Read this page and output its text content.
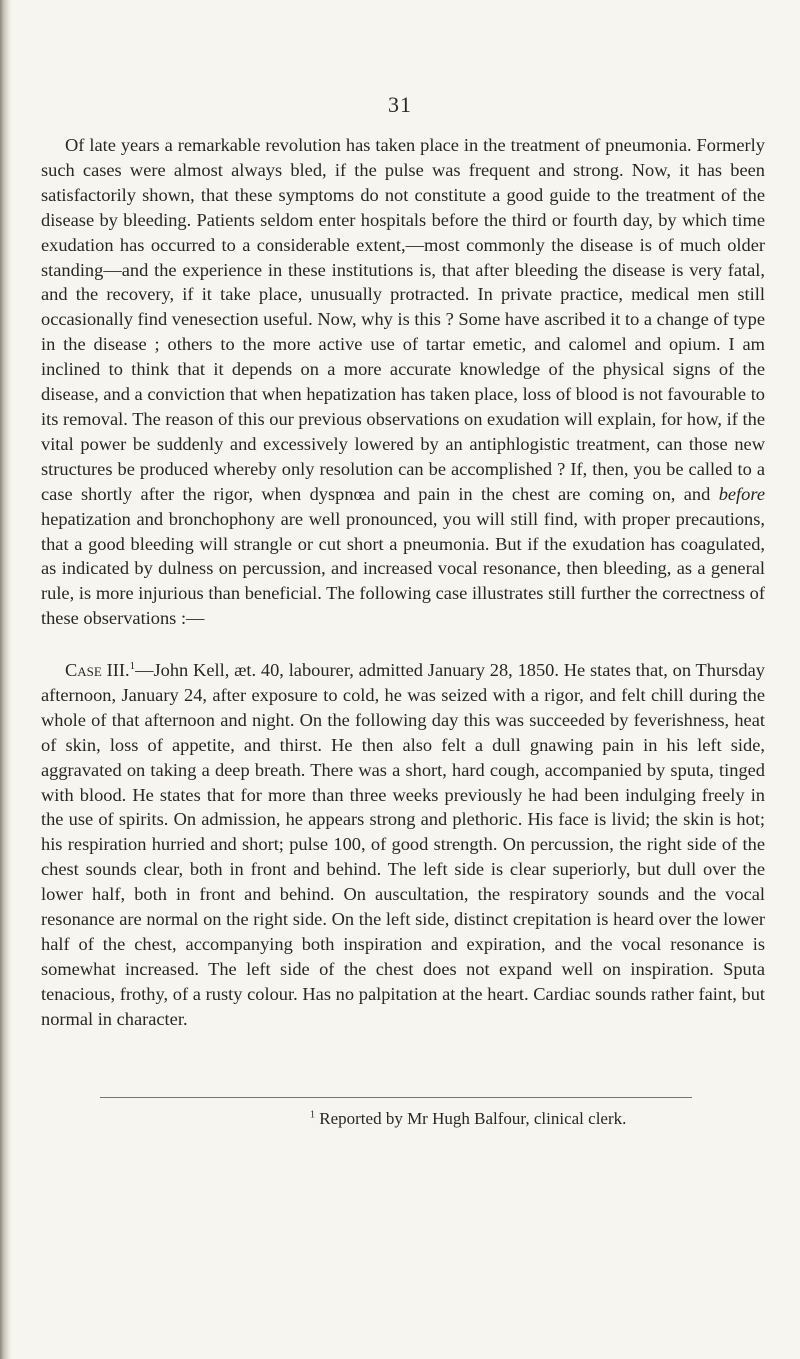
31

Of late years a remarkable revolution has taken place in the treatment of pneumonia. Formerly such cases were almost always bled, if the pulse was frequent and strong. Now, it has been satisfactorily shown, that these symptoms do not constitute a good guide to the treatment of the disease by bleeding. Patients seldom enter hospitals before the third or fourth day, by which time exudation has occurred to a considerable extent,—most commonly the disease is of much older standing—and the experience in these institutions is, that after bleeding the disease is very fatal, and the recovery, if it take place, unusually protracted. In private practice, medical men still occasionally find venesection useful. Now, why is this ? Some have ascribed it to a change of type in the disease ; others to the more active use of tartar emetic, and calomel and opium. I am inclined to think that it depends on a more accurate knowledge of the physical signs of the disease, and a conviction that when hepatization has taken place, loss of blood is not favourable to its removal. The reason of this our previous observations on exudation will explain, for how, if the vital power be suddenly and excessively lowered by an antiphlogistic treatment, can those new structures be produced whereby only resolution can be accomplished ? If, then, you be called to a case shortly after the rigor, when dyspnœa and pain in the chest are coming on, and before hepatization and bronchophony are well pronounced, you will still find, with proper precautions, that a good bleeding will strangle or cut short a pneumonia. But if the exudation has coagulated, as indicated by dulness on percussion, and increased vocal resonance, then bleeding, as a general rule, is more injurious than beneficial. The following case illustrates still further the correctness of these observations :—

Case III.$^1$—John Kell, æt. 40, labourer, admitted January 28, 1850. He states that, on Thursday afternoon, January 24, after exposure to cold, he was seized with a rigor, and felt chill during the whole of that afternoon and night. On the following day this was succeeded by feverishness, heat of skin, loss of appetite, and thirst. He then also felt a dull gnawing pain in his left side, aggravated on taking a deep breath. There was a short, hard cough, accompanied by sputa, tinged with blood. He states that for more than three weeks previously he had been indulging freely in the use of spirits. On admission, he appears strong and plethoric. His face is livid; the skin is hot; his respiration hurried and short; pulse 100, of good strength. On percussion, the right side of the chest sounds clear, both in front and behind. The left side is clear superiorly, but dull over the lower half, both in front and behind. On auscultation, the respiratory sounds and the vocal resonance are normal on the right side. On the left side, distinct crepitation is heard over the lower half of the chest, accompanying both inspiration and expiration, and the vocal resonance is somewhat increased. The left side of the chest does not expand well on inspiration. Sputa tenacious, frothy, of a rusty colour. Has no palpitation at the heart. Cardiac sounds rather faint, but normal in character.

$^1$ Reported by Mr Hugh Balfour, clinical clerk.
